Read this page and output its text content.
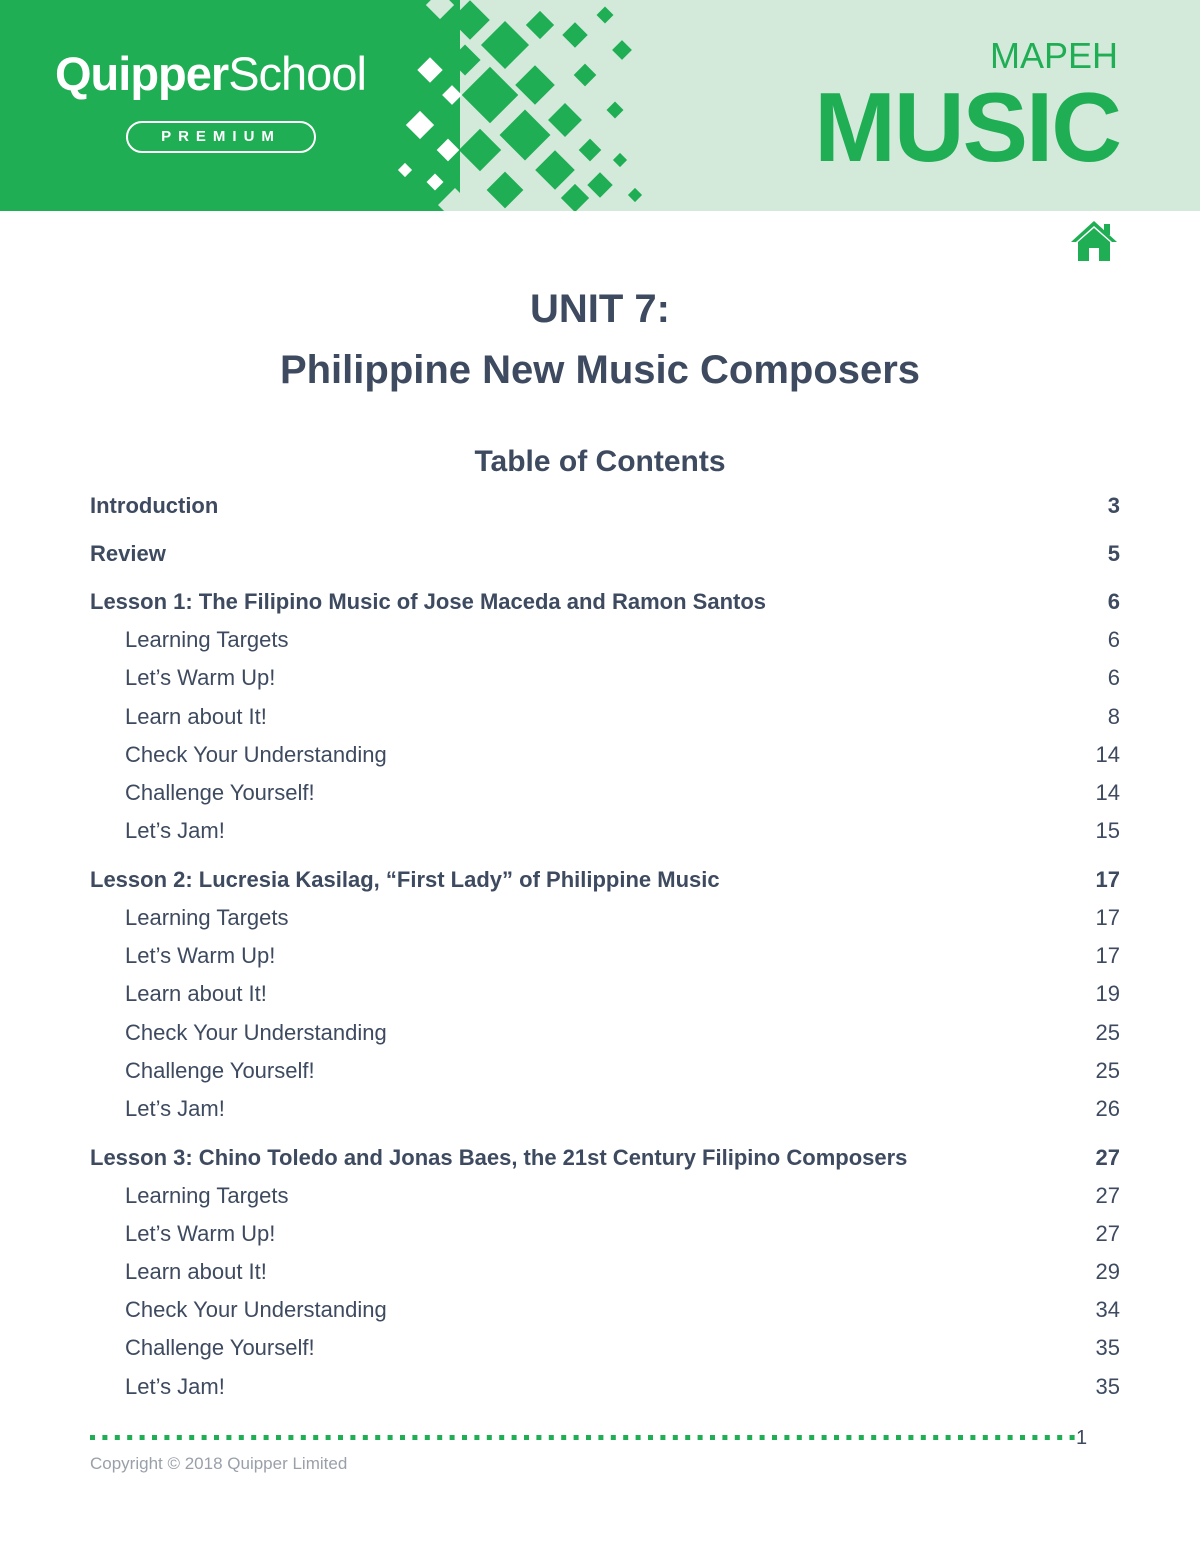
QuipperSchool
PREMIUM
MAPEH
MUSIC
UNIT 7:
Philippine New Music Composers
Table of Contents
Introduction	3
Review	5
Lesson 1: The Filipino Music of Jose Maceda and Ramon Santos	6
Learning Targets	6
Let’s Warm Up!	6
Learn about It!	8
Check Your Understanding	14
Challenge Yourself!	14
Let’s Jam!	15
Lesson 2: Lucresia Kasilag, “First Lady” of Philippine Music	17
Learning Targets	17
Let’s Warm Up!	17
Learn about It!	19
Check Your Understanding	25
Challenge Yourself!	25
Let’s Jam!	26
Lesson 3: Chino Toledo and Jonas Baes, the 21st Century Filipino Composers	27
Learning Targets	27
Let’s Warm Up!	27
Learn about It!	29
Check Your Understanding	34
Challenge Yourself!	35
Let’s Jam!	35
1
Copyright © 2018 Quipper Limited
